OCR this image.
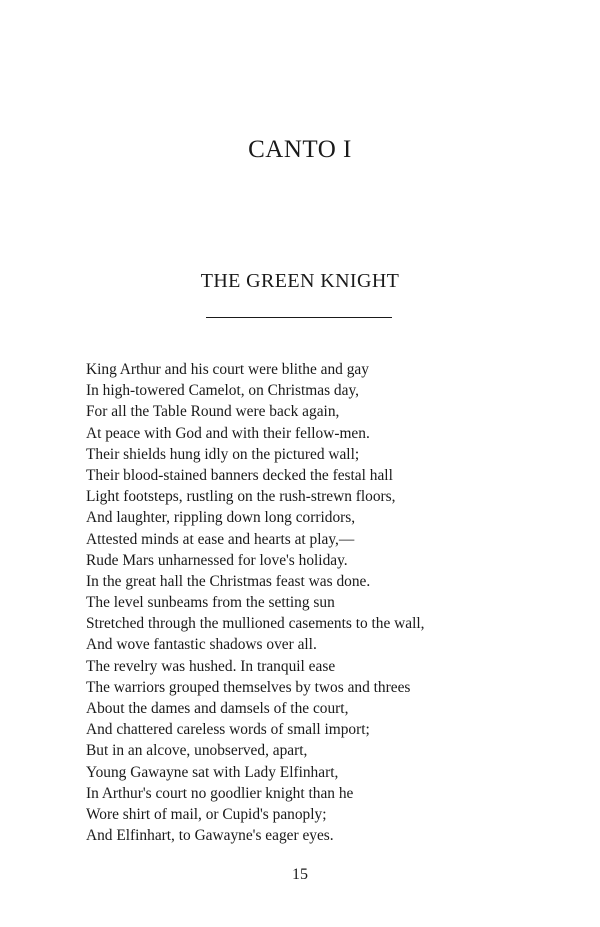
CANTO I
THE GREEN KNIGHT
King Arthur and his court were blithe and gay
In high-towered Camelot, on Christmas day,
For all the Table Round were back again,
At peace with God and with their fellow-men.
Their shields hung idly on the pictured wall;
Their blood-stained banners decked the festal hall
Light footsteps, rustling on the rush-strewn floors,
And laughter, rippling down long corridors,
Attested minds at ease and hearts at play,—
Rude Mars unharnessed for love's holiday.
In the great hall the Christmas feast was done.
The level sunbeams from the setting sun
Stretched through the mullioned casements to the wall,
And wove fantastic shadows over all.
The revelry was hushed. In tranquil ease
The warriors grouped themselves by twos and threes
About the dames and damsels of the court,
And chattered careless words of small import;
But in an alcove, unobserved, apart,
Young Gawayne sat with Lady Elfinhart,
In Arthur's court no goodlier knight than he
Wore shirt of mail, or Cupid's panoply;
And Elfinhart, to Gawayne's eager eyes.
15
